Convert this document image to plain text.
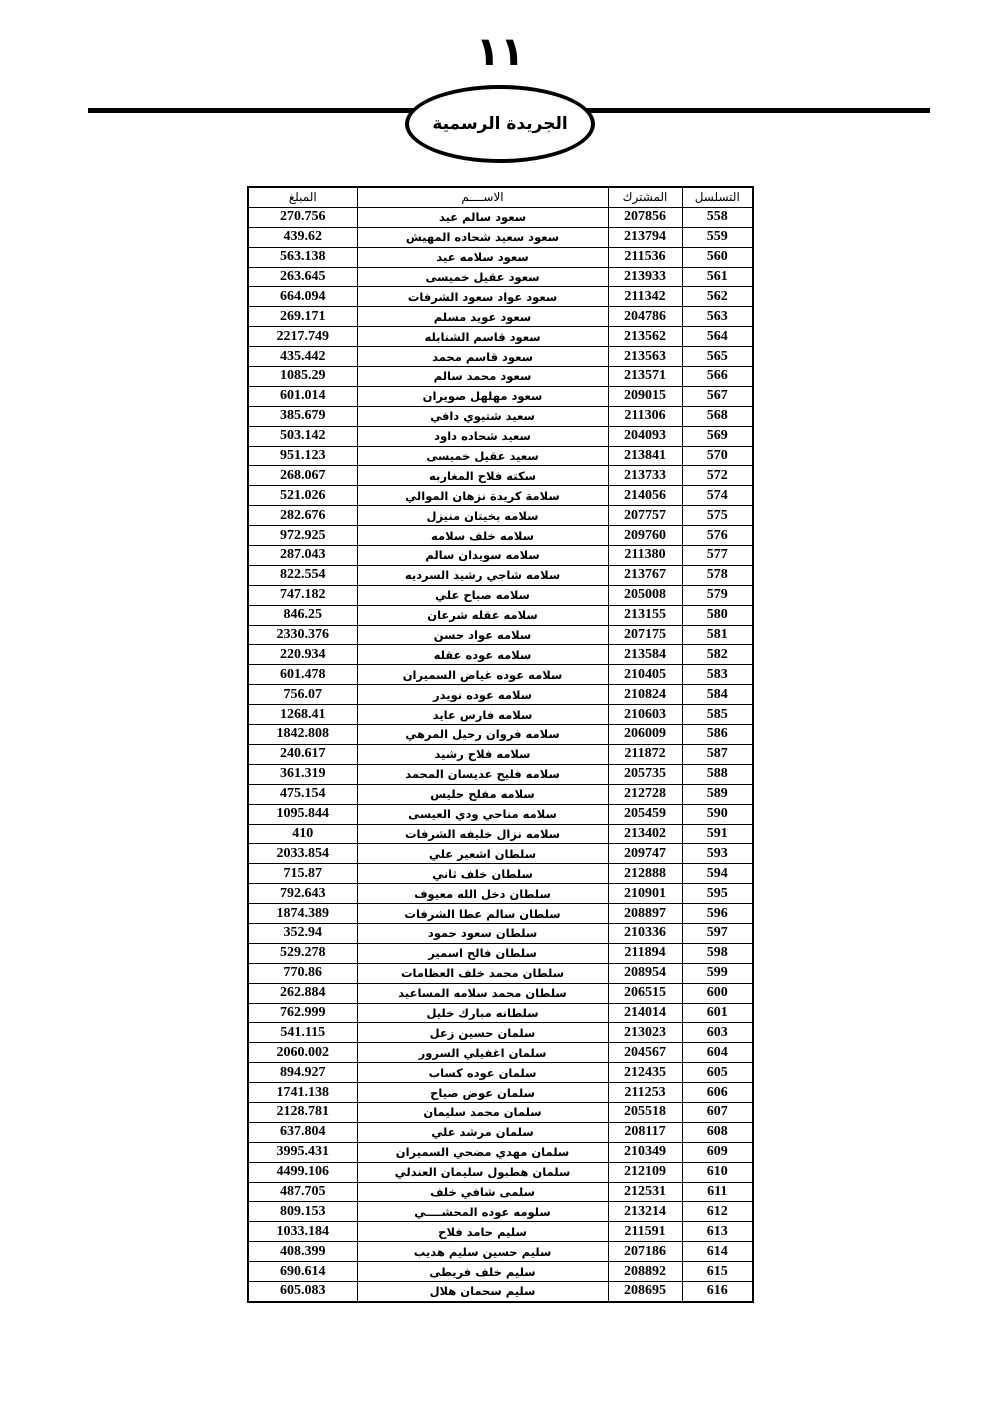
١١
الجريدة الرسمية
التسلسل	المشترك	الاســــم	المبلغ
558	207856	سعود سالم عيد	270.756
559	213794	سعود سعيد شحاده المهيش	439.62
560	211536	سعود سلامه عيد	563.138
561	213933	سعود عقيل خميسى	263.645
562	211342	سعود عواد سعود الشرفات	664.094
563	204786	سعود عويد مسلم	269.171
564	213562	سعود قاسم الشنابله	2217.749
565	213563	سعود قاسم محمد	435.442
566	213571	سعود محمد سالم	1085.29
567	209015	سعود مهلهل صويران	601.014
568	211306	سعيد شتيوي دافي	385.679
569	204093	سعيد شحاده داود	503.142
570	213841	سعيد عقيل خميسى	951.123
572	213733	سكته فلاح المغاربه	268.067
574	214056	سلامة كريدة نزهان الموالي	521.026
575	207757	سلامه بخيتان منيزل	282.676
576	209760	سلامه خلف سلامه	972.925
577	211380	سلامه سويدان سالم	287.043
578	213767	سلامه شاجي رشيد السرديه	822.554
579	205008	سلامه صباح علي	747.182
580	213155	سلامه عقله شرعان	846.25
581	207175	سلامه عواد حسن	2330.376
582	213584	سلامه عوده عقله	220.934
583	210405	سلامه عوده غياض السميران	601.478
584	210824	سلامه عوده نويدر	756.07
585	210603	سلامه فارس عايد	1268.41
586	206009	سلامه فروان رحيل المرهي	1842.808
587	211872	سلامه فلاح رشيد	240.617
588	205735	سلامه فليح عديسان المحمد	361.319
589	212728	سلامه مفلح حليس	475.154
590	205459	سلامه مناحي ودي العيسى	1095.844
591	213402	سلامه نزال خليفه الشرفات	410
593	209747	سلطان اشعير علي	2033.854
594	212888	سلطان خلف ثاني	715.87
595	210901	سلطان دخل الله معيوف	792.643
596	208897	سلطان سالم عطا الشرفات	1874.389
597	210336	سلطان سعود حمود	352.94
598	211894	سلطان فالح اسمير	529.278
599	208954	سلطان محمد خلف العظامات	770.86
600	206515	سلطان محمد سلامه المساعيد	262.884
601	214014	سلطانه مبارك خليل	762.999
603	213023	سلمان حسين زعل	541.115
604	204567	سلمان اغفيلي السرور	2060.002
605	212435	سلمان عوده كساب	894.927
606	211253	سلمان عوض صياح	1741.138
607	205518	سلمان محمد سليمان	2128.781
608	208117	سلمان مرشد علي	637.804
609	210349	سلمان مهدي مضحي السميران	3995.431
610	212109	سلمان هطبول سليمان العندلي	4499.106
611	212531	سلمى شافي خلف	487.705
612	213214	سلومه عوده المحشــــي	809.153
613	211591	سليم حامد فلاح	1033.184
614	207186	سليم حسين سليم هديب	408.399
615	208892	سليم خلف فريطى	690.614
616	208695	سليم سحمان هلال	605.083
